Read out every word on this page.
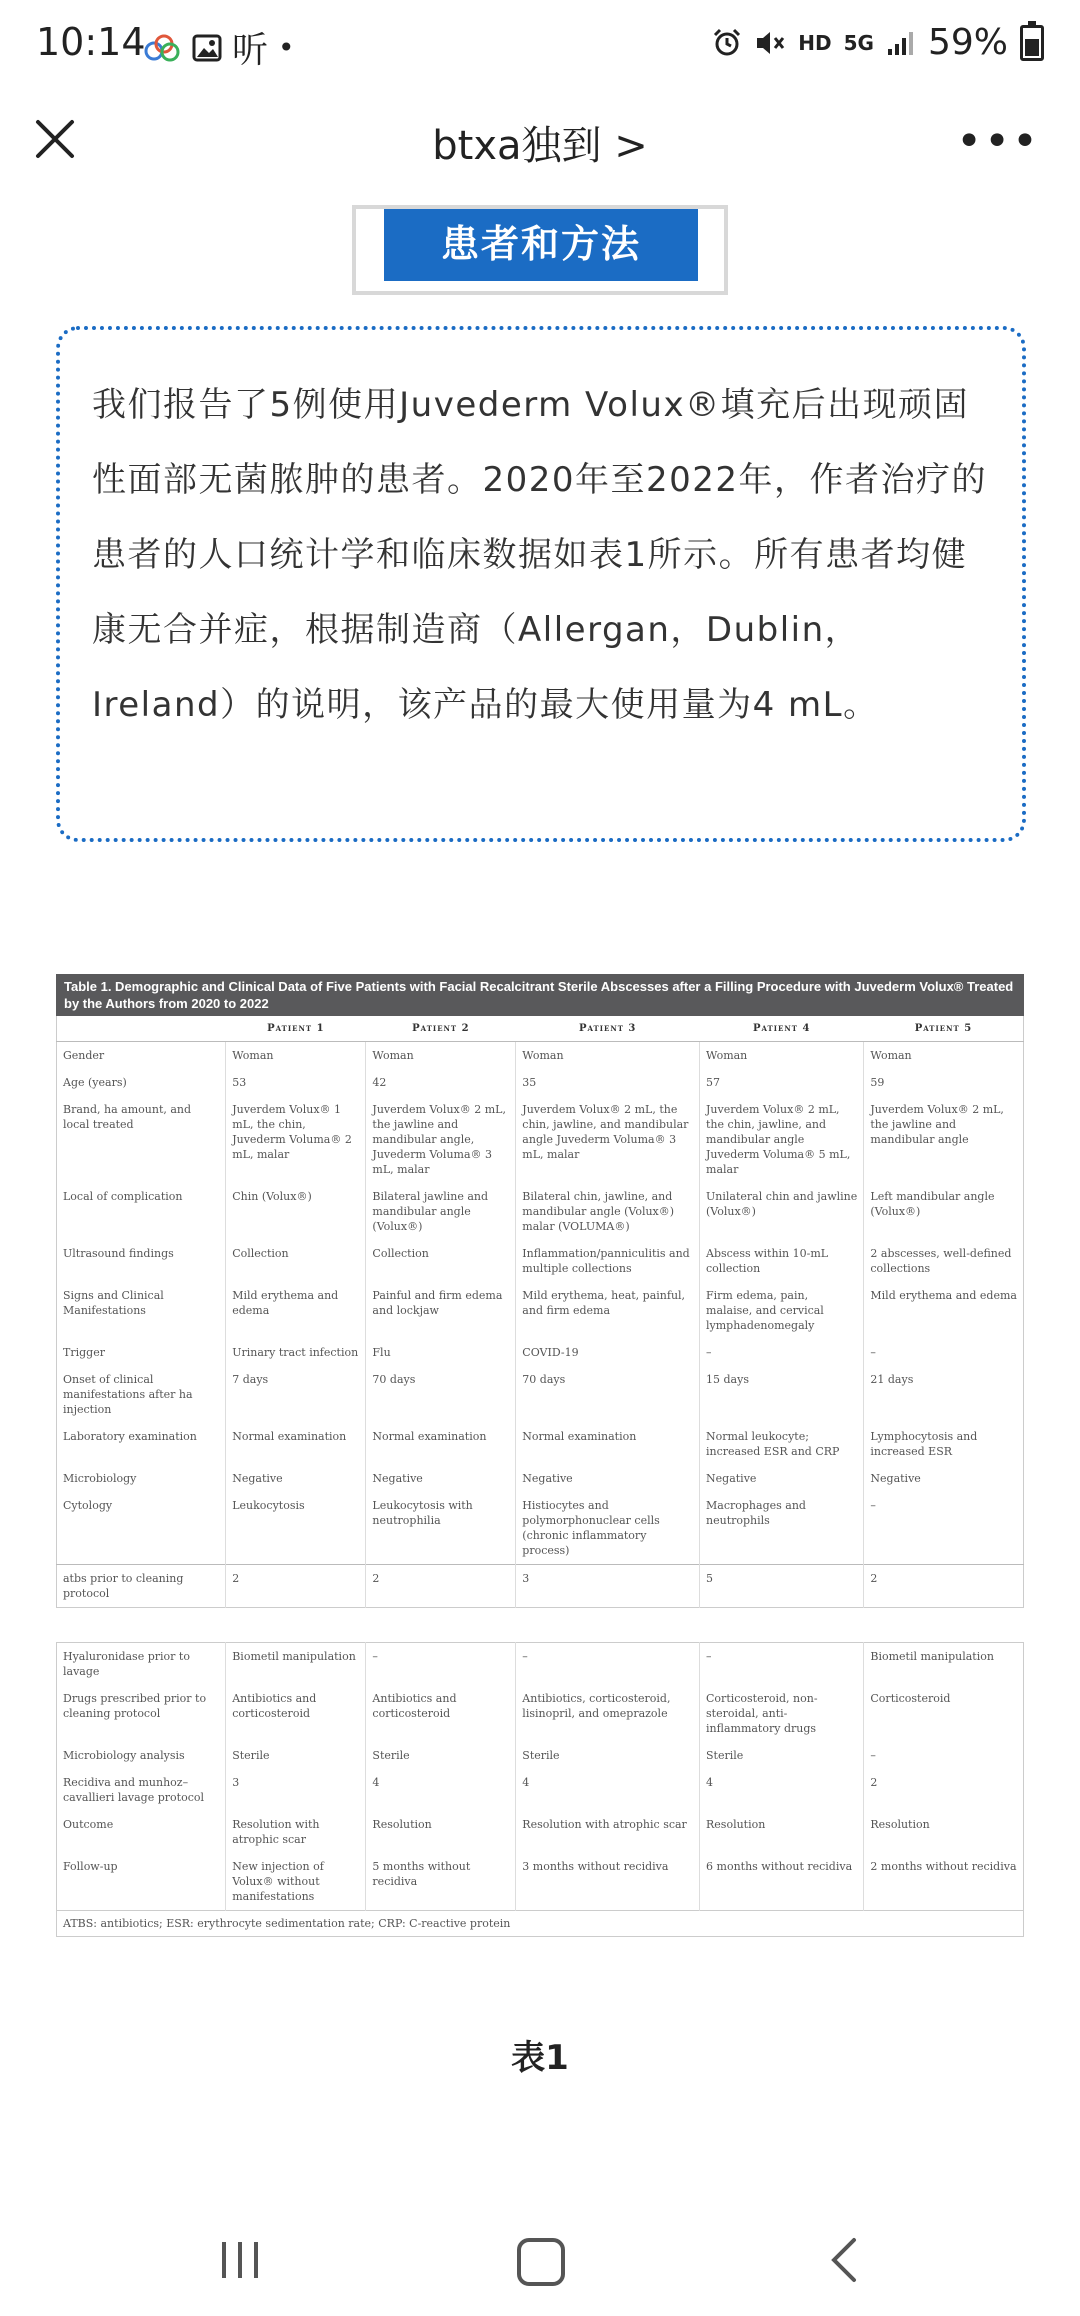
10:14 听 •	HD 5G 59%
btxa独到 >	•••
患者和方法

我们报告了5例使用Juvederm Volux®填充后出现顽固性面部无菌脓肿的患者。2020年至2022年，作者治疗的患者的人口统计学和临床数据如表1所示。所有患者均健康无合并症，根据制造商（Allergan，Dublin，Ireland）的说明，该产品的最大使用量为4 mL。

Table 1. Demographic and Clinical Data of Five Patients with Facial Recalcitrant Sterile Abscesses after a Filling Procedure with Juvederm Volux® Treated by the Authors from 2020 to 2022
	Patient 1	Patient 2	Patient 3	Patient 4	Patient 5
Gender	Woman	Woman	Woman	Woman	Woman
Age (years)	53	42	35	57	59
Brand, ha amount, and local treated	Juverdem Volux® 1 mL, the chin, Juvederm Voluma® 2 mL, malar	Juverdem Volux® 2 mL, the jawline and mandibular angle, Juvederm Voluma® 3 mL, malar	Juverdem Volux® 2 mL, the chin, jawline, and mandibular angle Juvederm Voluma® 3 mL, malar	Juverdem Volux® 2 mL, the chin, jawline, and mandibular angle Juvederm Voluma® 5 mL, malar	Juverdem Volux® 2 mL, the jawline and mandibular angle
Local of complication	Chin (Volux®)	Bilateral jawline and mandibular angle (Volux®)	Bilateral chin, jawline, and mandibular angle (Volux®) malar (VOLUMA®)	Unilateral chin and jawline (Volux®)	Left mandibular angle (Volux®)
Ultrasound findings	Collection	Collection	Inflammation/panniculitis and multiple collections	Abscess within 10-mL collection	2 abscesses, well-defined collections
Signs and Clinical Manifestations	Mild erythema and edema	Painful and firm edema and lockjaw	Mild erythema, heat, painful, and firm edema	Firm edema, pain, malaise, and cervical lymphadenomegaly	Mild erythema and edema
Trigger	Urinary tract infection	Flu	COVID-19	–	–
Onset of clinical manifestations after ha injection	7 days	70 days	70 days	15 days	21 days
Laboratory examination	Normal examination	Normal examination	Normal examination	Normal leukocyte; increased ESR and CRP	Lymphocytosis and increased ESR
Microbiology	Negative	Negative	Negative	Negative	Negative
Cytology	Leukocytosis	Leukocytosis with neutrophilia	Histiocytes and polymorphonuclear cells (chronic inflammatory process)	Macrophages and neutrophils	–
atbs prior to cleaning protocol	2	2	3	5	2
Hyaluronidase prior to lavage	Biometil manipulation	–	–	–	Biometil manipulation
Drugs prescribed prior to cleaning protocol	Antibiotics and corticosteroid	Antibiotics and corticosteroid	Antibiotics, corticosteroid, lisinopril, and omeprazole	Corticosteroid, non-steroidal, anti-inflammatory drugs	Corticosteroid
Microbiology analysis	Sterile	Sterile	Sterile	Sterile	–
Recidiva and munhoz–cavallieri lavage protocol	3	4	4	4	2
Outcome	Resolution with atrophic scar	Resolution	Resolution with atrophic scar	Resolution	Resolution
Follow-up	New injection of Volux® without manifestations	5 months without recidiva	3 months without recidiva	6 months without recidiva	2 months without recidiva
ATBS: antibiotics; ESR: erythrocyte sedimentation rate; CRP: C-reactive protein
表1
